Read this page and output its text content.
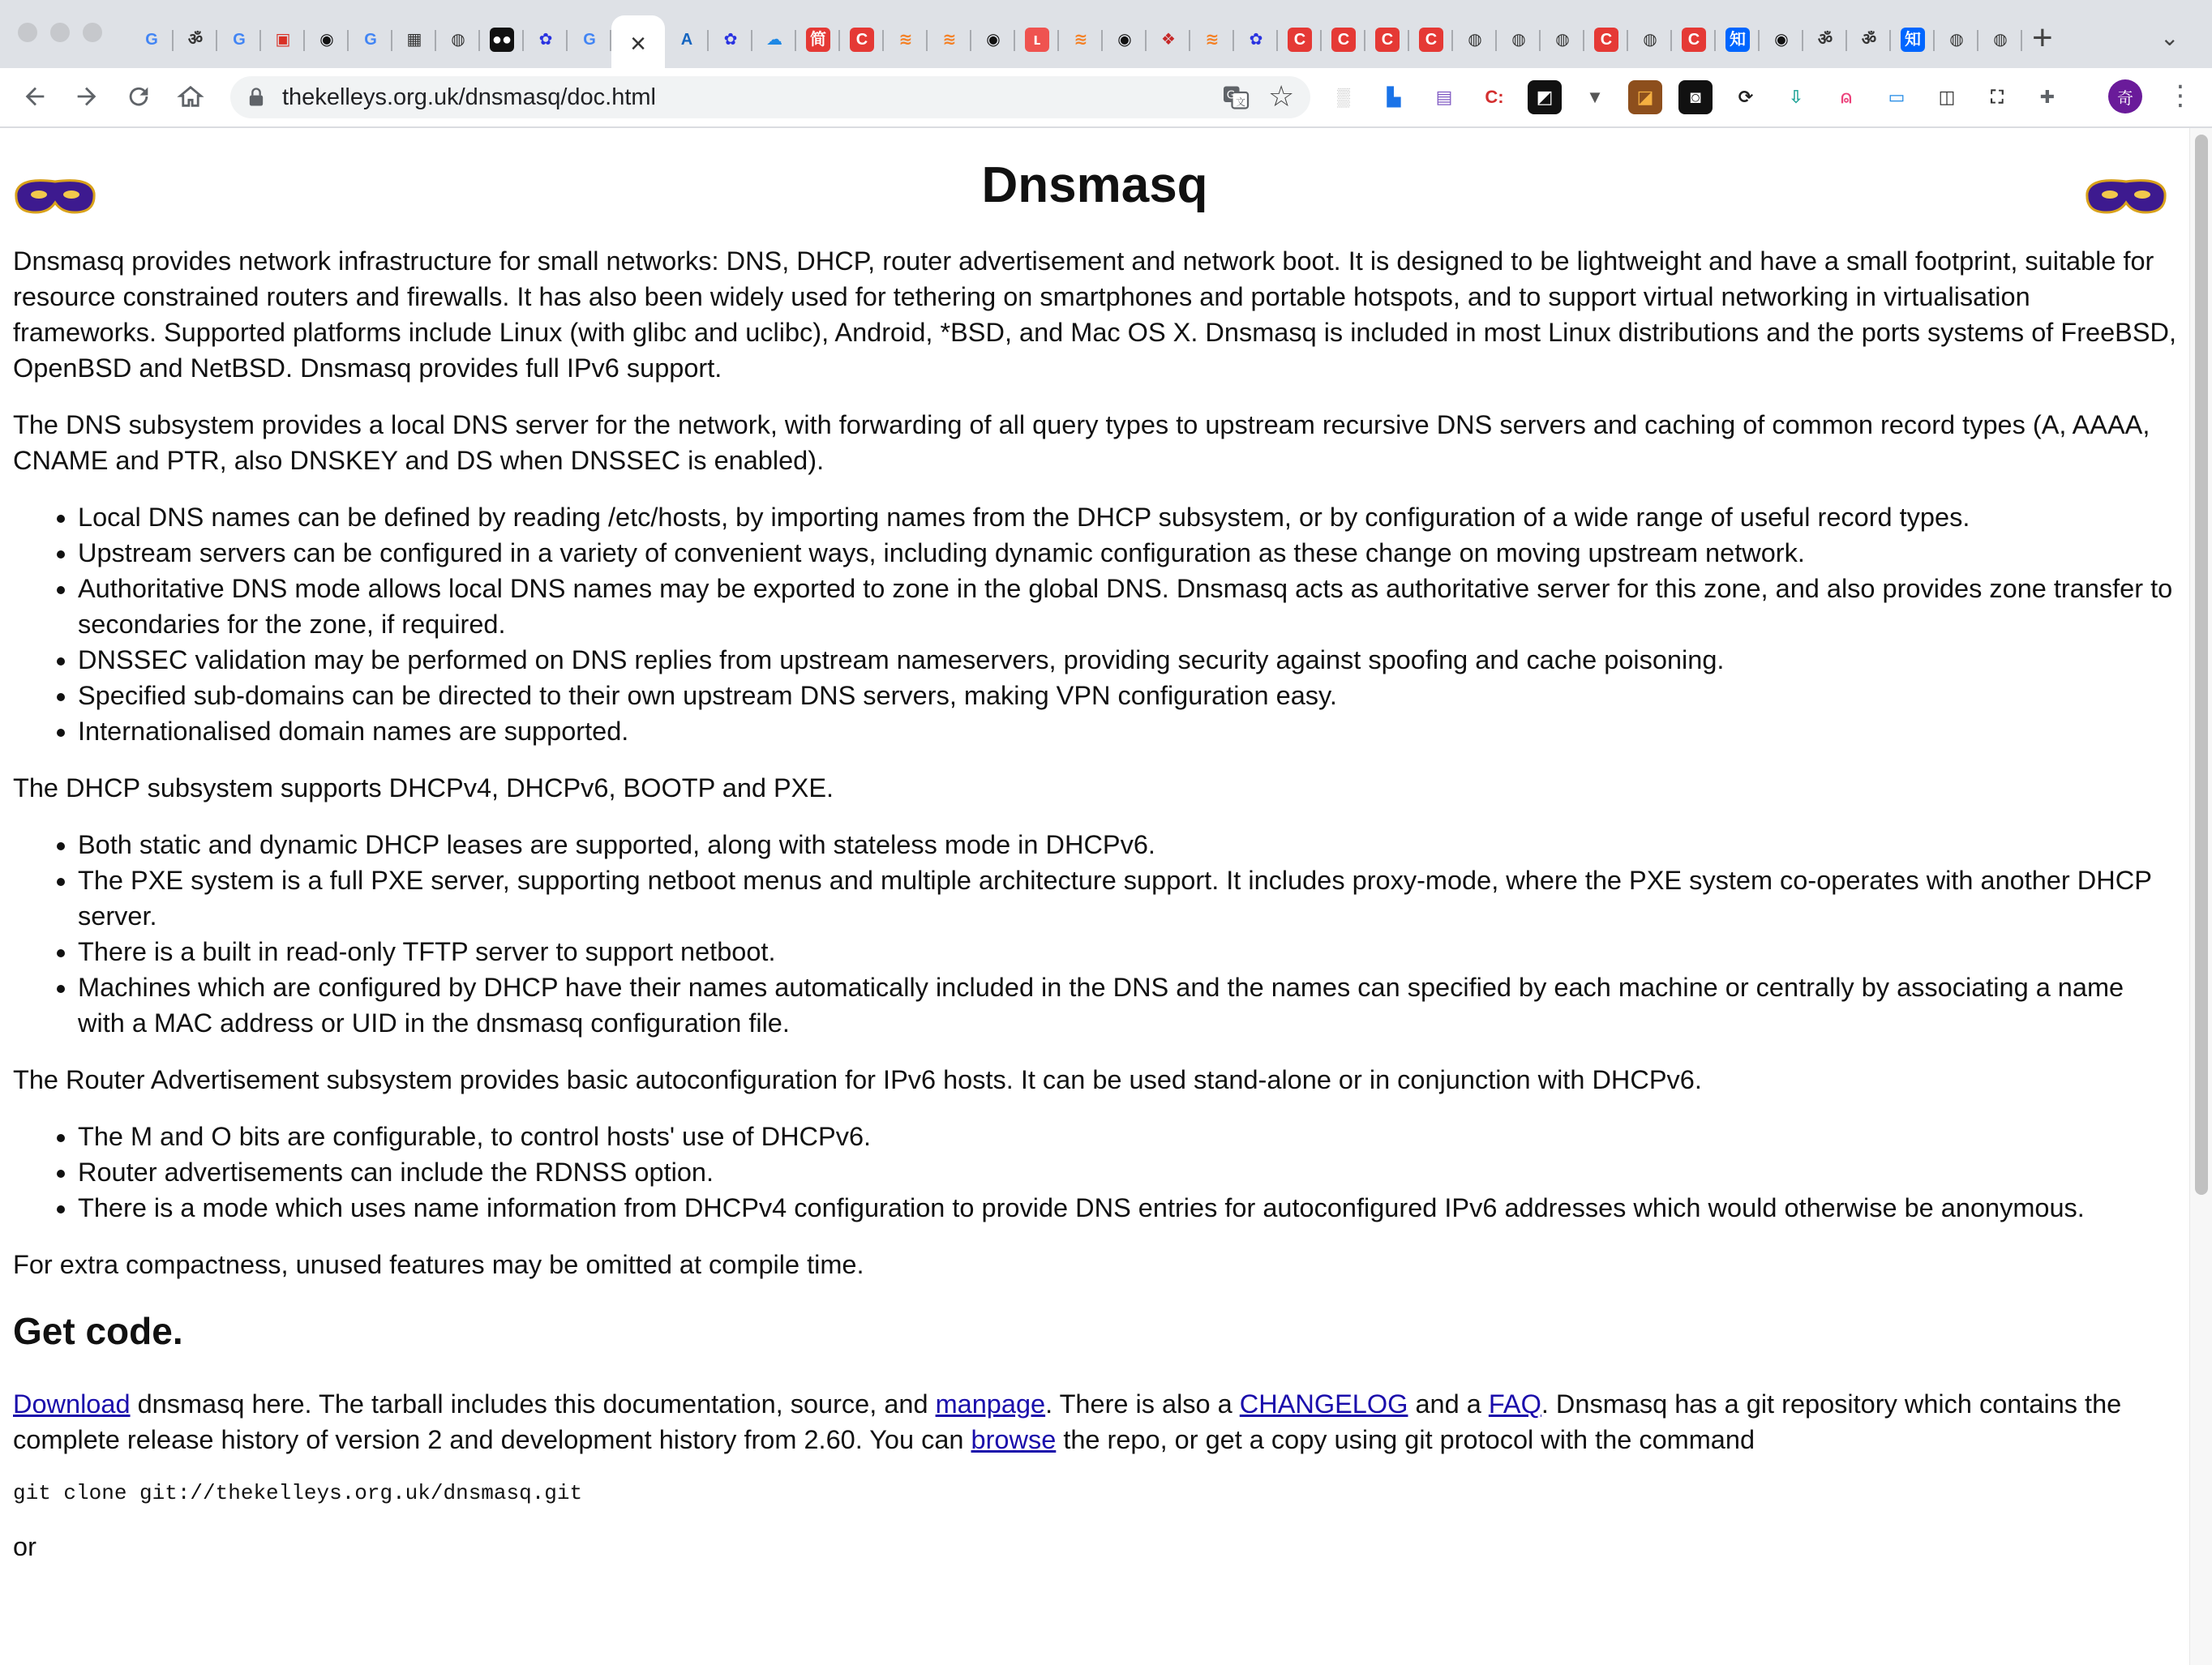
G	ॐ	G	▣	◉	G	▦	◍	●●	✿	G ×	A	✿	☁ 简	C	≋	≋	◉	ʟ	≋	◉	❖	≋	✿	C	C	C	C	◍	◍	◍	C	◍	C	知	◉	ॐ ॐ 知	◍	◍ +	⌄
thekelleys.org.uk/dnsmasq/doc.html	G
文 ☆	▒	▙	▤	C:	◩	▼	◪	◙	⟳	⇩	⍝	▭	◫	⛶	✚	奇	⋮
Dnsmasq

Dnsmasq provides network infrastructure for small networks: DNS, DHCP, router advertisement and network boot. It is designed to be lightweight and have a small footprint, suitable for resource constrained routers and firewalls. It has also been widely used for tethering on smartphones and portable hotspots, and to support virtual networking in virtualisation frameworks. Supported platforms include Linux (with glibc and uclibc), Android, *BSD, and Mac OS X. Dnsmasq is included in most Linux distributions and the ports systems of FreeBSD, OpenBSD and NetBSD. Dnsmasq provides full IPv6 support.

The DNS subsystem provides a local DNS server for the network, with forwarding of all query types to upstream recursive DNS servers and caching of common record types (A, AAAA, CNAME and PTR, also DNSKEY and DS when DNSSEC is enabled).

• Local DNS names can be defined by reading /etc/hosts, by importing names from the DHCP subsystem, or by configuration of a wide range of useful record types.
• Upstream servers can be configured in a variety of convenient ways, including dynamic configuration as these change on moving upstream network.
• Authoritative DNS mode allows local DNS names may be exported to zone in the global DNS. Dnsmasq acts as authoritative server for this zone, and also provides zone transfer to secondaries for the zone, if required.
• DNSSEC validation may be performed on DNS replies from upstream nameservers, providing security against spoofing and cache poisoning.
• Specified sub-domains can be directed to their own upstream DNS servers, making VPN configuration easy.
• Internationalised domain names are supported.

The DHCP subsystem supports DHCPv4, DHCPv6, BOOTP and PXE.

• Both static and dynamic DHCP leases are supported, along with stateless mode in DHCPv6.
• The PXE system is a full PXE server, supporting netboot menus and multiple architecture support. It includes proxy-mode, where the PXE system co-operates with another DHCP server.
• There is a built in read-only TFTP server to support netboot.
• Machines which are configured by DHCP have their names automatically included in the DNS and the names can specified by each machine or centrally by associating a name with a MAC address or UID in the dnsmasq configuration file.

The Router Advertisement subsystem provides basic autoconfiguration for IPv6 hosts. It can be used stand-alone or in conjunction with DHCPv6.

• The M and O bits are configurable, to control hosts' use of DHCPv6.
• Router advertisements can include the RDNSS option.
• There is a mode which uses name information from DHCPv4 configuration to provide DNS entries for autoconfigured IPv6 addresses which would otherwise be anonymous.

For extra compactness, unused features may be omitted at compile time.

Get code.

Download dnsmasq here. The tarball includes this documentation, source, and manpage. There is also a CHANGELOG and a FAQ. Dnsmasq has a git repository which contains the complete release history of version 2 and development history from 2.60. You can browse the repo, or get a copy using git protocol with the command

git clone git://thekelleys.org.uk/dnsmasq.git

or
